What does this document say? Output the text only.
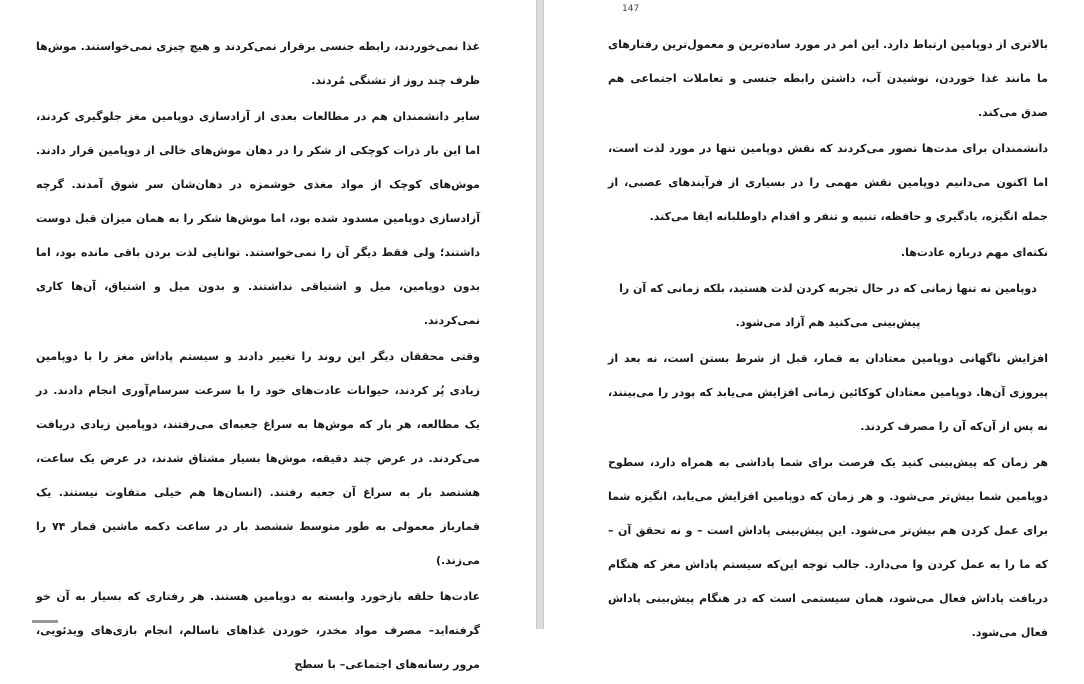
غذا نمی‌خوردند، رابطه جنسی برقرار نمی‌کردند و هیچ چیزی نمی‌خواستند. موش‌ها ظرف چند روز از تشنگی مُردند.

سایر دانشمندان هم در مطالعات بعدی از آزادسازی دوپامین مغز جلوگیری کردند، اما این بار ذرات کوچکی از شکر را در دهان موش‌های خالی از دوپامین قرار دادند. موش‌های کوچک از مواد مغذی خوشمزه در دهان‌شان سر شوق آمدند. گرچه آزادسازی دوپامین مسدود شده بود، اما موش‌ها شکر را به همان میزان قبل دوست داشتند؛ ولی فقط دیگر آن را نمی‌خواستند. توانایی لذت بردن باقی مانده بود، اما بدون دوپامین، میل و اشتیاقی نداشتند. و بدون میل و اشتیاق، آن‌ها کاری نمی‌کردند.

وقتی محققان دیگر این روند را تغییر دادند و سیستم پاداش مغز را با دوپامین زیادی پُر کردند، حیوانات عادت‌های خود را با سرعت سرسام‌آوری انجام دادند. در یک مطالعه، هر بار که موش‌ها به سراغ جعبه‌ای می‌رفتند، دوپامین زیادی دریافت می‌کردند. در عرض چند دقیقه، موش‌ها بسیار مشتاق شدند، در عرض یک ساعت، هشتصد بار به سراغ آن جعبه رفتند. (انسان‌ها هم خیلی متفاوت نیستند. یک قمارباز معمولی به طور متوسط ششصد بار در ساعت دکمه ماشین قمار ۷۴ را می‌زند.)

عادت‌ها حلقه بازخورد وابسته به دوپامین هستند. هر رفتاری که بسیار به آن خو گرفته‌اید– مصرف مواد مخدر، خوردن غذاهای ناسالم، انجام بازی‌های ویدئویی، مرور رسانه‌های اجتماعی– با سطح

147

بالاتری از دوپامین ارتباط دارد. این امر در مورد ساده‌ترین و معمول‌ترین رفتارهای ما مانند غذا خوردن، نوشیدن آب، داشتن رابطه جنسی و تعاملات اجتماعی هم صدق می‌کند.

دانشمندان برای مدت‌ها تصور می‌کردند که نقش دوپامین تنها در مورد لذت است، اما اکنون می‌دانیم دوپامین نقش مهمی را در بسیاری از فرآیندهای عصبی، از جمله انگیزه، یادگیری و حافظه، تنبیه و تنفر و اقدام داوطلبانه ایفا می‌کند.

نکته‌ای مهم درباره عادت‌ها.

دوپامین نه تنها زمانی که در حال تجربه کردن لذت هستید، بلکه زمانی که آن را پیش‌بینی می‌کنید هم آزاد می‌شود.

افزایش ناگهانی دوپامین معتادان به قمار، قبل از شرط بستن است، نه بعد از پیروزی آن‌ها. دوپامین معتادان کوکائین زمانی افزایش می‌یابد که پودر را می‌بینند، نه پس از آن‌که آن را مصرف کردند.

هر زمان که پیش‌بینی کنید یک فرصت برای شما پاداشی به همراه دارد، سطوح دوپامین شما بیش‌تر می‌شود. و هر زمان که دوپامین افزایش می‌یابد، انگیزه شما برای عمل کردن هم بیش‌تر می‌شود. این پیش‌بینی پاداش است – و نه تحقق آن – که ما را به عمل کردن وا می‌دارد. جالب توجه این‌که سیستم پاداش مغز که هنگام دریافت پاداش فعال می‌شود، همان سیستمی است که در هنگام پیش‌بینی پاداش فعال می‌شود.
